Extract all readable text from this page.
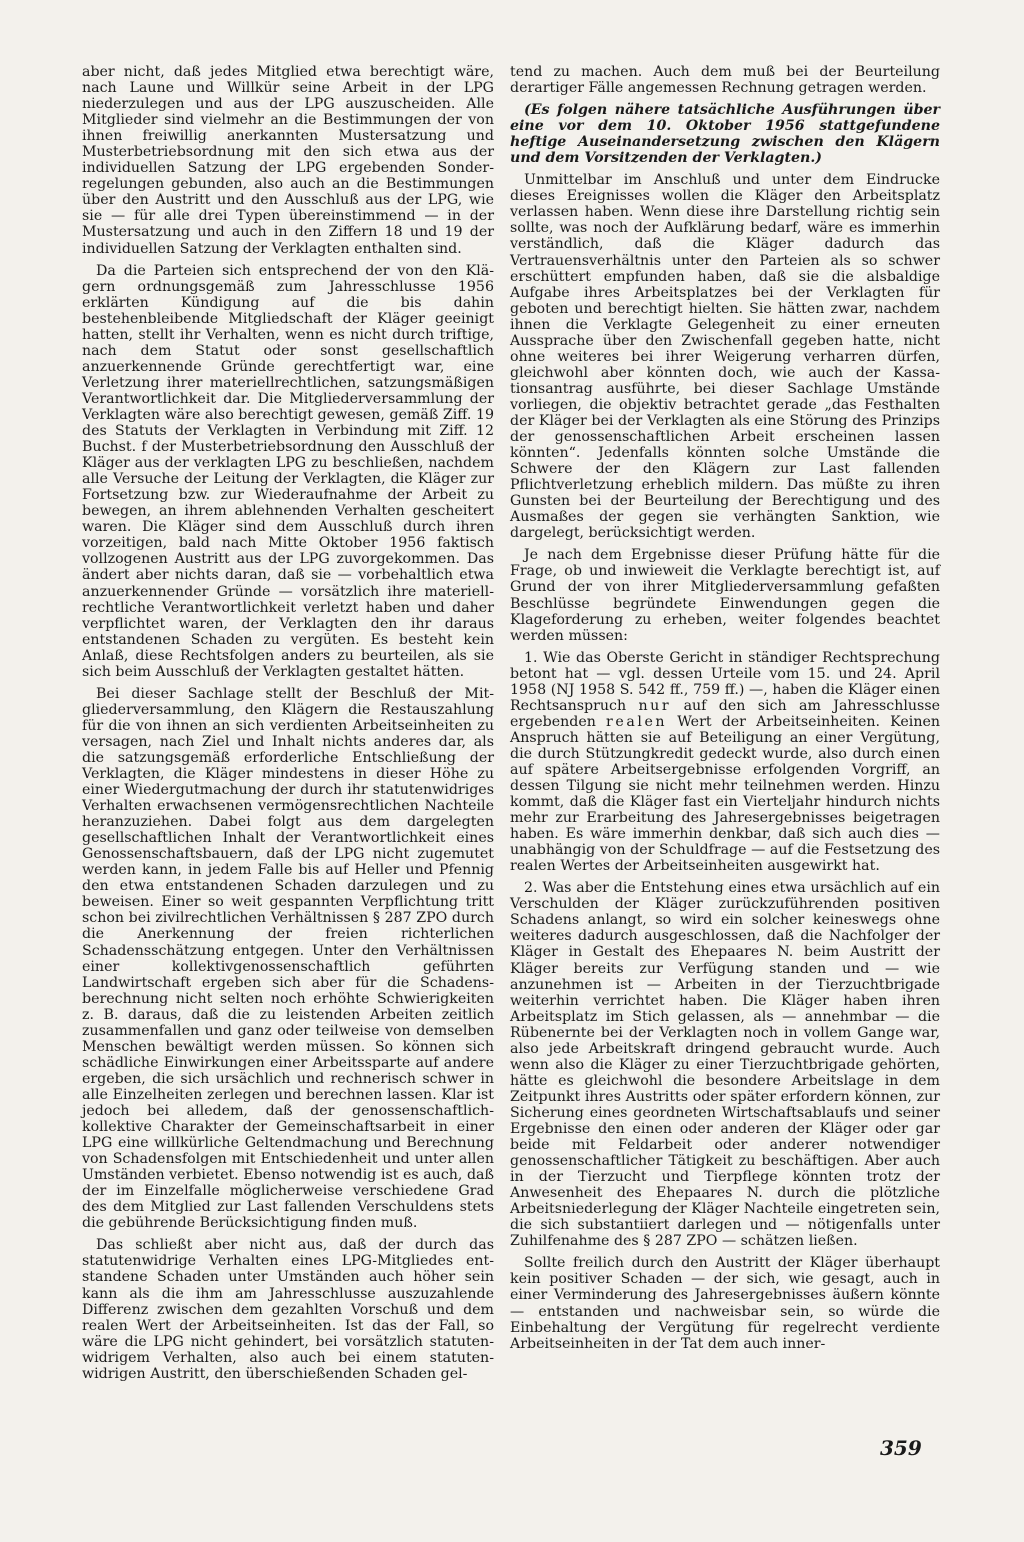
aber nicht, daß jedes Mitglied etwa berechtigt wäre, nach Laune und Willkür seine Arbeit in der LPG niederzulegen und aus der LPG auszuscheiden. Alle Mitglieder sind vielmehr an die Bestimmungen der von ihnen freiwillig anerkannten Mustersatzung und Musterbetriebsordnung mit den sich etwa aus der individuellen Satzung der LPG ergebenden Sonderregelungen gebunden, also auch an die Bestimmungen über den Austritt und den Ausschluß aus der LPG, wie sie — für alle drei Typen übereinstimmend — in der Mustersatzung und auch in den Ziffern 18 und 19 der individuellen Satzung der Verklagten enthalten sind.

Da die Parteien sich entsprechend der von den Klägern ordnungsgemäß zum Jahresschlusse 1956 erklärten Kündigung auf die bis dahin bestehenbleibende Mitgliedschaft der Kläger geeinigt hatten, stellt ihr Verhalten, wenn es nicht durch triftige, nach dem Statut oder sonst gesellschaftlich anzuerkennende Gründe gerechtfertigt war, eine Verletzung ihrer materiellrechtlichen, satzungsmäßigen Verantwortlichkeit dar. Die Mitgliederversammlung der Verklagten wäre also berechtigt gewesen, gemäß Ziff. 19 des Statuts der Verklagten in Verbindung mit Ziff. 12 Buchst. f der Musterbetriebsordnung den Ausschluß der Kläger aus der verklagten LPG zu beschließen, nachdem alle Versuche der Leitung der Verklagten, die Kläger zur Fortsetzung bzw. zur Wiederaufnahme der Arbeit zu bewegen, an ihrem ablehnenden Verhalten gescheitert waren. Die Kläger sind dem Ausschluß durch ihren vorzeitigen, bald nach Mitte Oktober 1956 faktisch vollzogenen Austritt aus der LPG zuvorgekommen. Das ändert aber nichts daran, daß sie — vorbehaltlich etwa anzuerkennender Gründe — vorsätzlich ihre materiellrechtliche Verantwortlichkeit verletzt haben und daher verpflichtet waren, der Verklagten den ihr daraus entstandenen Schaden zu vergüten. Es besteht kein Anlaß, diese Rechtsfolgen anders zu beurteilen, als sie sich beim Ausschluß der Verklagten gestaltet hätten.

Bei dieser Sachlage stellt der Beschluß der Mitgliederversammlung, den Klägern die Restauszahlung für die von ihnen an sich verdienten Arbeitseinheiten zu versagen, nach Ziel und Inhalt nichts anderes dar, als die satzungsgemäß erforderliche Entschließung der Verklagten, die Kläger mindestens in dieser Höhe zu einer Wiedergutmachung der durch ihr statutenwidriges Verhalten erwachsenen vermögensrechtlichen Nachteile heranzuziehen. Dabei folgt aus dem dargelegten gesellschaftlichen Inhalt der Verantwortlichkeit eines Genossenschaftsbauern, daß der LPG nicht zugemutet werden kann, in jedem Falle bis auf Heller und Pfennig den etwa entstandenen Schaden darzulegen und zu beweisen. Einer so weit gespannten Verpflichtung tritt schon bei zivilrechtlichen Verhältnissen § 287 ZPO durch die Anerkennung der freien richterlichen Schadensschätzung entgegen. Unter den Verhältnissen einer kollektivgenossenschaftlich geführten Landwirtschaft ergeben sich aber für die Schadensberechnung nicht selten noch erhöhte Schwierigkeiten z. B. daraus, daß die zu leistenden Arbeiten zeitlich zusammenfallen und ganz oder teilweise von demselben Menschen bewältigt werden müssen. So können sich schädliche Einwirkungen einer Arbeitssparte auf andere ergeben, die sich ursächlich und rechnerisch schwer in alle Einzelheiten zerlegen und berechnen lassen. Klar ist jedoch bei alledem, daß der genossenschaftlich-kollektive Charakter der Gemeinschaftsarbeit in einer LPG eine willkürliche Geltendmachung und Berechnung von Schadensfolgen mit Entschiedenheit und unter allen Umständen verbietet. Ebenso notwendig ist es auch, daß der im Einzelfalle möglicherweise verschiedene Grad des dem Mitglied zur Last fallenden Verschuldens stets die gebührende Berücksichtigung finden muß.

Das schließt aber nicht aus, daß der durch das statutenwidrige Verhalten eines LPG-Mitgliedes entstandene Schaden unter Umständen auch höher sein kann als die ihm am Jahresschlusse auszuzahlende Differenz zwischen dem gezahlten Vorschuß und dem realen Wert der Arbeitseinheiten. Ist das der Fall, so wäre die LPG nicht gehindert, bei vorsätzlich statutenwidrigem Verhalten, also auch bei einem statutenwidrigen Austritt, den überschießenden Schaden gel-

tend zu machen. Auch dem muß bei der Beurteilung derartiger Fälle angemessen Rechnung getragen werden.

(Es folgen nähere tatsächliche Ausführungen über eine vor dem 10. Oktober 1956 stattgefundene heftige Auseinandersetzung zwischen den Klägern und dem Vorsitzenden der Verklagten.)

Unmittelbar im Anschluß und unter dem Eindrucke dieses Ereignisses wollen die Kläger den Arbeitsplatz verlassen haben. Wenn diese ihre Darstellung richtig sein sollte, was noch der Aufklärung bedarf, wäre es immerhin verständlich, daß die Kläger dadurch das Vertrauensverhältnis unter den Parteien als so schwer erschüttert empfunden haben, daß sie die alsbaldige Aufgabe ihres Arbeitsplatzes bei der Verklagten für geboten und berechtigt hielten. Sie hätten zwar, nachdem ihnen die Verklagte Gelegenheit zu einer erneuten Aussprache über den Zwischenfall gegeben hatte, nicht ohne weiteres bei ihrer Weigerung verharren dürfen, gleichwohl aber könnten doch, wie auch der Kassationsantrag ausführte, bei dieser Sachlage Umstände vorliegen, die objektiv betrachtet gerade „das Festhalten der Kläger bei der Verklagten als eine Störung des Prinzips der genossenschaftlichen Arbeit erscheinen lassen könnten“. Jedenfalls könnten solche Umstände die Schwere der den Klägern zur Last fallenden Pflichtverletzung erheblich mildern. Das müßte zu ihren Gunsten bei der Beurteilung der Berechtigung und des Ausmaßes der gegen sie verhängten Sanktion, wie dargelegt, berücksichtigt werden.

Je nach dem Ergebnisse dieser Prüfung hätte für die Frage, ob und inwieweit die Verklagte berechtigt ist, auf Grund der von ihrer Mitgliederversammlung gefaßten Beschlüsse begründete Einwendungen gegen die Klageforderung zu erheben, weiter folgendes beachtet werden müssen:

1. Wie das Oberste Gericht in ständiger Rechtsprechung betont hat — vgl. dessen Urteile vom 15. und 24. April 1958 (NJ 1958 S. 542 ff., 759 ff.) —, haben die Kläger einen Rechtsanspruch nur auf den sich am Jahresschlusse ergebenden realen Wert der Arbeitseinheiten. Keinen Anspruch hätten sie auf Beteiligung an einer Vergütung, die durch Stützungkredit gedeckt wurde, also durch einen auf spätere Arbeitsergebnisse erfolgenden Vorgriff, an dessen Tilgung sie nicht mehr teilnehmen werden. Hinzu kommt, daß die Kläger fast ein Vierteljahr hindurch nichts mehr zur Erarbeitung des Jahresergebnisses beigetragen haben. Es wäre immerhin denkbar, daß sich auch dies — unabhängig von der Schuldfrage — auf die Festsetzung des realen Wertes der Arbeitseinheiten ausgewirkt hat.

2. Was aber die Entstehung eines etwa ursächlich auf ein Verschulden der Kläger zurückzuführenden positiven Schadens anlangt, so wird ein solcher keineswegs ohne weiteres dadurch ausgeschlossen, daß die Nachfolger der Kläger in Gestalt des Ehepaares N. beim Austritt der Kläger bereits zur Verfügung standen und — wie anzunehmen ist — Arbeiten in der Tierzuchtbrigade weiterhin verrichtet haben. Die Kläger haben ihren Arbeitsplatz im Stich gelassen, als — annehmbar — die Rübenernte bei der Verklagten noch in vollem Gange war, also jede Arbeitskraft dringend gebraucht wurde. Auch wenn also die Kläger zu einer Tierzuchtbrigade gehörten, hätte es gleichwohl die besondere Arbeitslage in dem Zeitpunkt ihres Austritts oder später erfordern können, zur Sicherung eines geordneten Wirtschaftsablaufs und seiner Ergebnisse den einen oder anderen der Kläger oder gar beide mit Feldarbeit oder anderer notwendiger genossenschaftlicher Tätigkeit zu beschäftigen. Aber auch in der Tierzucht und Tierpflege könnten trotz der Anwesenheit des Ehepaares N. durch die plötzliche Arbeitsniederlegung der Kläger Nachteile eingetreten sein, die sich substantiiert darlegen und — nötigenfalls unter Zuhilfenahme des § 287 ZPO — schätzen ließen.

Sollte freilich durch den Austritt der Kläger überhaupt kein positiver Schaden — der sich, wie gesagt, auch in einer Verminderung des Jahresergebnisses äußern könnte — entstanden und nachweisbar sein, so würde die Einbehaltung der Vergütung für regelrecht verdiente Arbeitseinheiten in der Tat dem auch inner-

359
